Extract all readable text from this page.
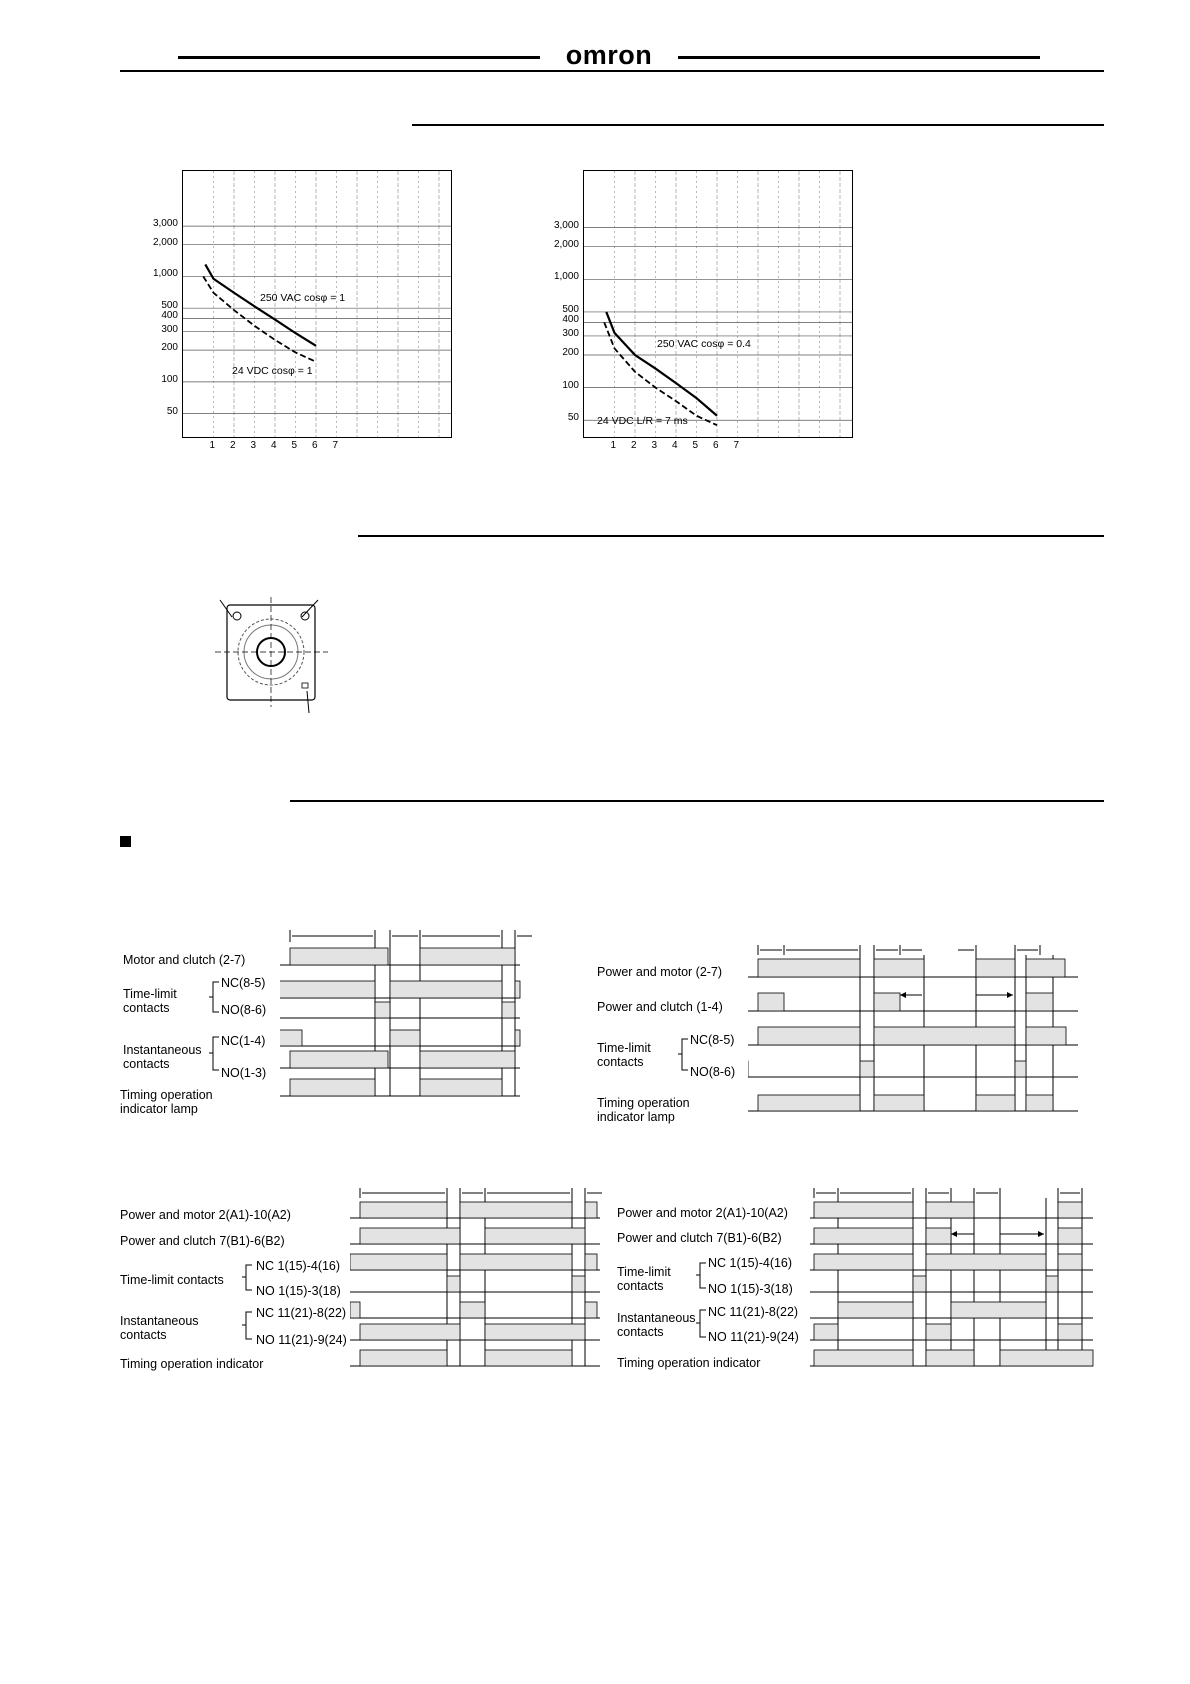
omron
3,000
2,000
1,000
500
400
300
200
100
50
1 2 3 4 5 6 7
250 VAC cosφ = 1
24 VDC cosφ = 1
3,000
2,000
1,000
500
400
300
200
100
50
1 2 3 4 5 6 7
250 VAC cosφ = 0.4
24 VDC L/R = 7 ms
Motor and clutch (2-7)
Time-limit
contacts
NC(8-5)
NO(8-6)
Instantaneous
contacts
NC(1-4)
NO(1-3)
Timing operation
indicator lamp
Power and motor (2-7)
Power and clutch (1-4)
Time-limit
contacts
NC(8-5)
NO(8-6)
Timing operation
indicator lamp
Power and motor 2(A1)-10(A2)
Power and clutch 7(B1)-6(B2)
Time-limit contacts
NC 1(15)-4(16)
NO 1(15)-3(18)
Instantaneous
contacts
NC 11(21)-8(22)
NO 11(21)-9(24)
Timing operation indicator
Power and motor 2(A1)-10(A2)
Power and clutch 7(B1)-6(B2)
Time-limit
contacts
NC 1(15)-4(16)
NO 1(15)-3(18)
Instantaneous
contacts
NC 11(21)-8(22)
NO 11(21)-9(24)
Timing operation indicator
